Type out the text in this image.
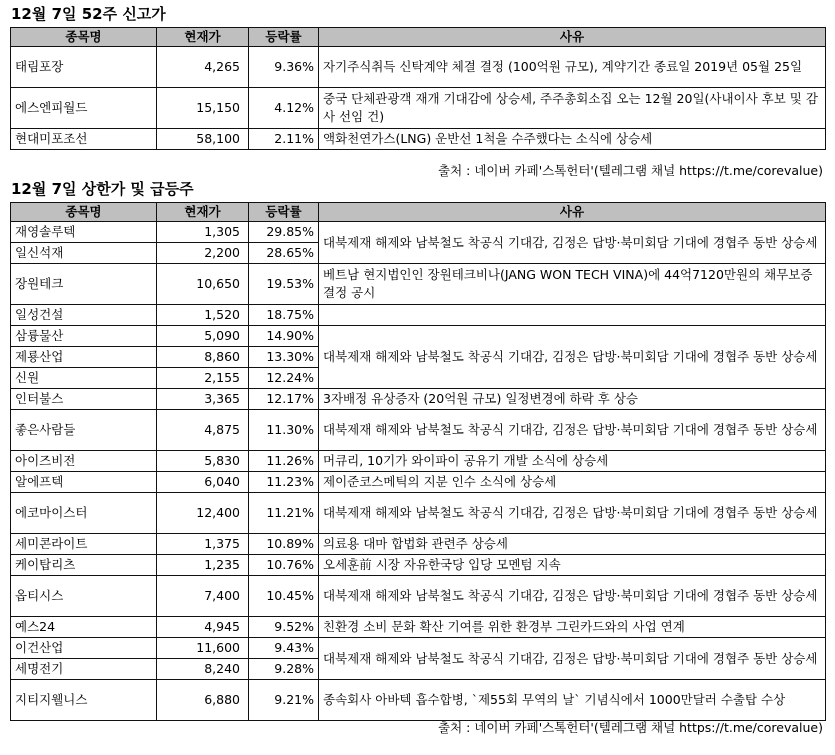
12월 7일 52주 신고가
종목명	현재가	등락률	사유
태림포장	4,265	9.36%	자기주식취득 신탁계약 체결 결정 (100억원 규모), 계약기간 종료일 2019년 05월 25일
에스엔피월드	15,150	4.12%	중국 단체관광객 재개 기대감에 상승세, 주주총회소집 오는 12월 20일(사내이사 후보 및 감사 선임 건)
현대미포조선	58,100	2.11%	액화천연가스(LNG) 운반선 1척을 수주했다는 소식에 상승세
출처 : 네이버 카페'스톡헌터'(텔레그램 채널 https://t.me/corevalue)
12월 7일 상한가 및 급등주
종목명	현재가	등락률	사유
재영솔루텍	1,305	29.85%	대북제재 해제와 남북철도 착공식 기대감, 김정은 답방·북미회담 기대에 경협주 동반 상승세
일신석재	2,200	28.65%	
장원테크	10,650	19.53%	베트남 현지법인인 장원테크비나(JANG WON TECH VINA)에 44억7120만원의 채무보증 결정 공시
일성건설	1,520	18.75%	
삼륭물산	5,090	14.90%	대북제재 해제와 남북철도 착공식 기대감, 김정은 답방·북미회담 기대에 경협주 동반 상승세
제룡산업	8,860	13.30%	
신원	2,155	12.24%	
인터불스	3,365	12.17%	3자배정 유상증자 (20억원 규모) 일정변경에 하락 후 상승
좋은사람들	4,875	11.30%	대북제재 해제와 남북철도 착공식 기대감, 김정은 답방·북미회담 기대에 경협주 동반 상승세
아이즈비전	5,830	11.26%	머큐리, 10기가 와이파이 공유기 개발 소식에 상승세
알에프텍	6,040	11.23%	제이준코스메틱의 지분 인수 소식에 상승세
에코마이스터	12,400	11.21%	대북제재 해제와 남북철도 착공식 기대감, 김정은 답방·북미회담 기대에 경협주 동반 상승세
세미콘라이트	1,375	10.89%	의료용 대마 합법화 관련주 상승세
케이탑리츠	1,235	10.76%	오세훈前 시장 자유한국당 입당 모멘텀 지속
옵티시스	7,400	10.45%	대북제재 해제와 남북철도 착공식 기대감, 김정은 답방·북미회담 기대에 경협주 동반 상승세
예스24	4,945	9.52%	친환경 소비 문화 확산 기여를 위한 환경부 그린카드와의 사업 연계
이건산업	11,600	9.43%	대북제재 해제와 남북철도 착공식 기대감, 김정은 답방·북미회담 기대에 경협주 동반 상승세
세명전기	8,240	9.28%	
지티지웰니스	6,880	9.21%	종속회사 아바텍 흡수합병, `제55회 무역의 날` 기념식에서 1000만달러 수출탑 수상
출처 : 네이버 카페'스톡헌터'(텔레그램 채널 https://t.me/corevalue)
